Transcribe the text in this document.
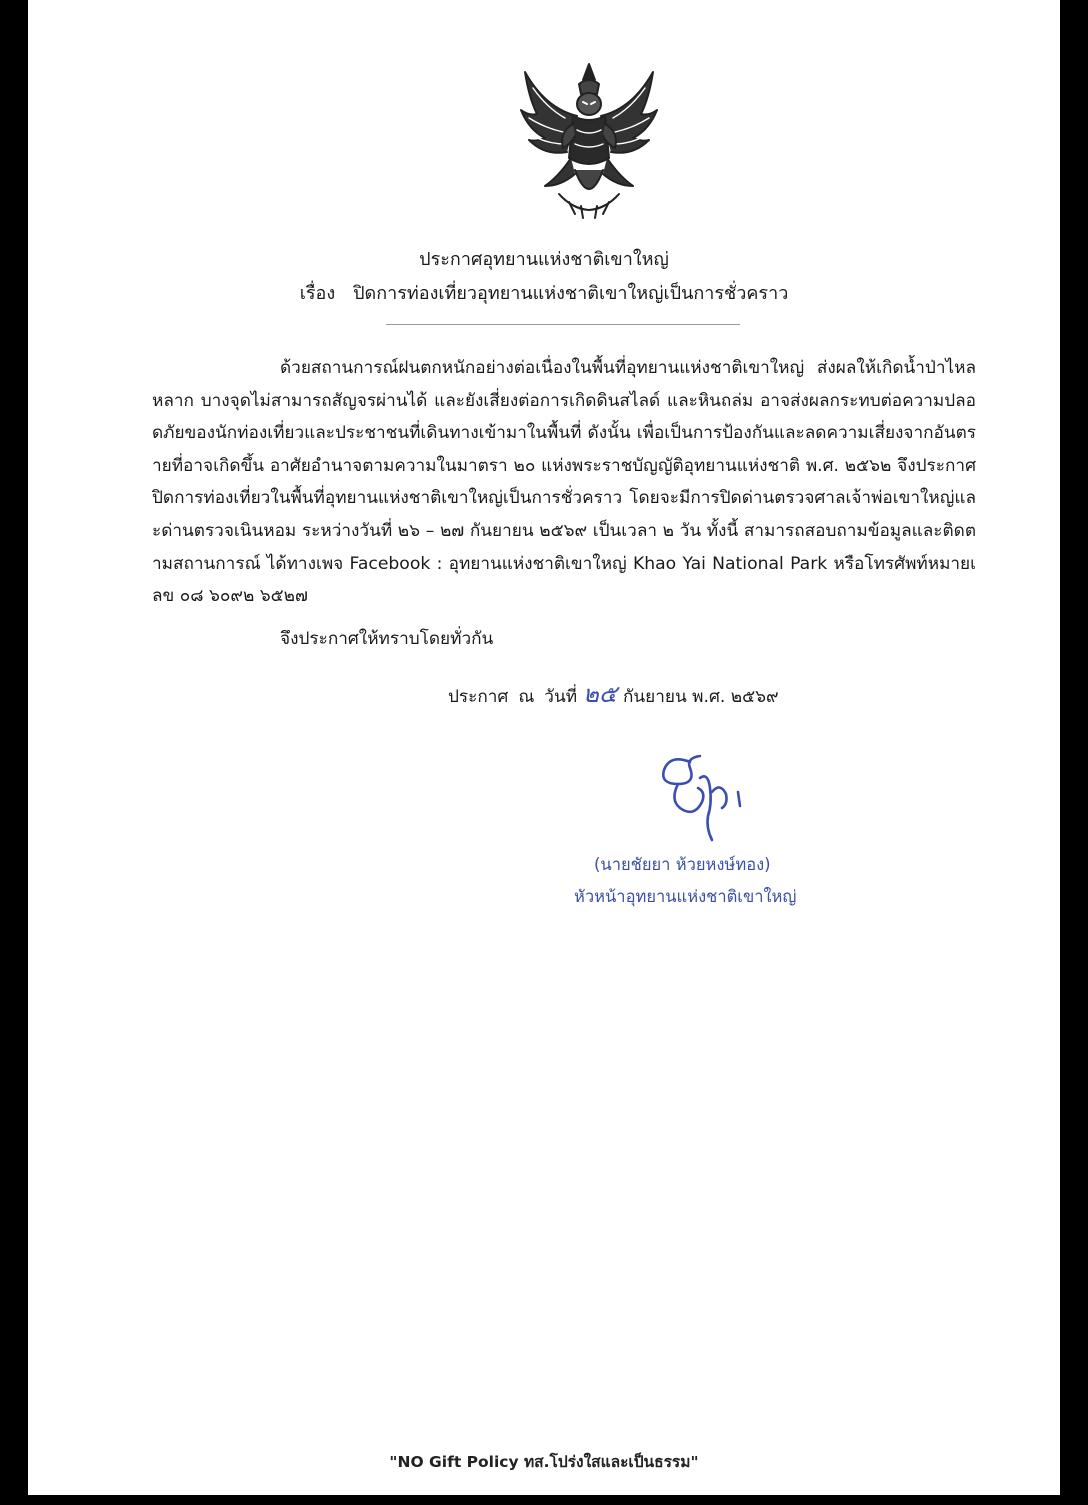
ประกาศอุทยานแห่งชาติเขาใหญ่
เรื่อง ปิดการท่องเที่ยวอุทยานแห่งชาติเขาใหญ่เป็นการชั่วคราว
ด้วยสถานการณ์ฝนตกหนักอย่างต่อเนื่องในพื้นที่อุทยานแห่งชาติเขาใหญ่ ส่งผลให้เกิดน้ำป่าไหลหลาก บางจุดไม่สามารถสัญจรผ่านได้ และยังเสี่ยงต่อการเกิดดินสไลด์ และหินถล่ม อาจส่งผลกระทบต่อความปลอดภัยของนักท่องเที่ยวและประชาชนที่เดินทางเข้ามาในพื้นที่ ดังนั้น เพื่อเป็นการป้องกันและลดความเสี่ยงจากอันตรายที่อาจเกิดขึ้น อาศัยอำนาจตามความในมาตรา ๒๐ แห่งพระราชบัญญัติอุทยานแห่งชาติ พ.ศ. ๒๕๖๒ จึงประกาศปิดการท่องเที่ยวในพื้นที่อุทยานแห่งชาติเขาใหญ่เป็นการชั่วคราว โดยจะมีการปิดด่านตรวจศาลเจ้าพ่อเขาใหญ่และด่านตรวจเนินหอม ระหว่างวันที่ ๒๖ – ๒๗ กันยายน ๒๕๖๙ เป็นเวลา ๒ วัน ทั้งนี้ สามารถสอบถามข้อมูลและติดตามสถานการณ์ ได้ทางเพจ Facebook : อุทยานแห่งชาติเขาใหญ่ Khao Yai National Park หรือโทรศัพท์หมายเลข ๐๘ ๖๐๙๒ ๖๕๒๗
จึงประกาศให้ทราบโดยทั่วกัน
ประกาศ ณ วันที่ ๒๕ กันยายน พ.ศ. ๒๕๖๙
(นายชัยยา ห้วยหงษ์ทอง)
หัวหน้าอุทยานแห่งชาติเขาใหญ่
"NO Gift Policy ทส.โปร่งใสและเป็นธรรม"
